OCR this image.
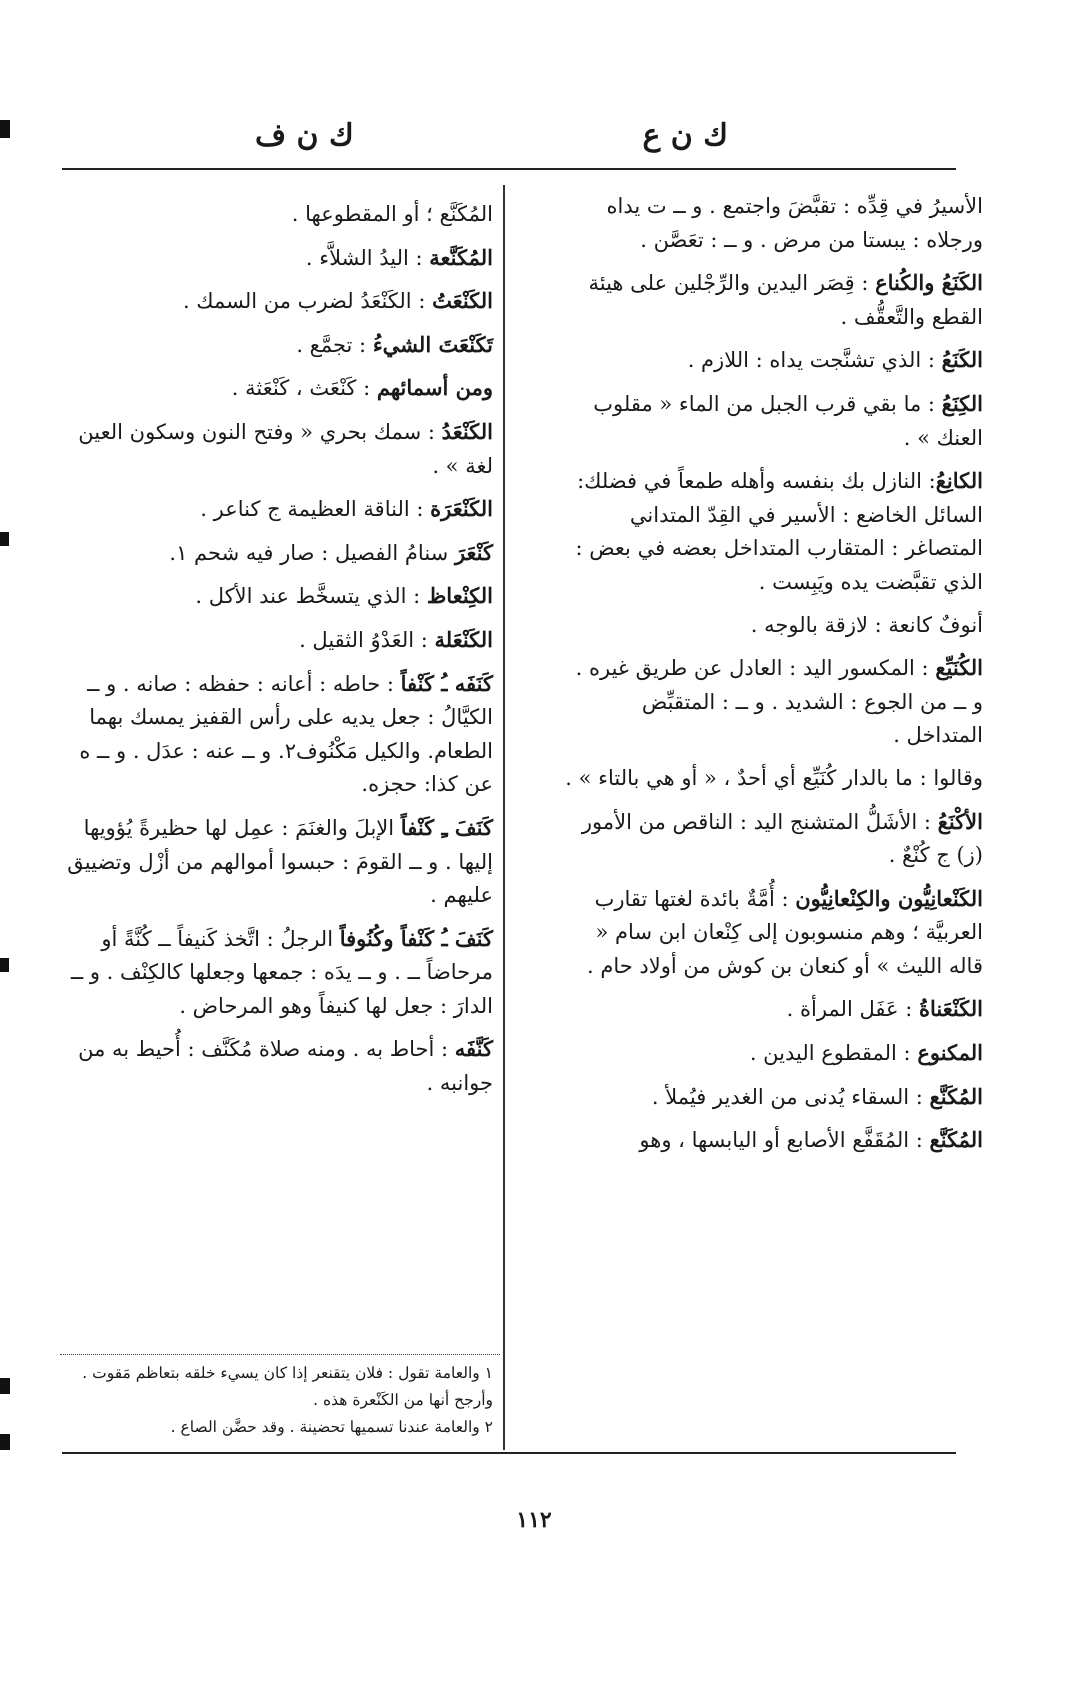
ك ن ع
ك ن ف

الأسيرُ في قِدِّه : تقبَّضَ واجتمع . و ــ ت يداه ورجلاه : يبستا من مرض . و ــ : تعَصَّن .

الكَنَعُ والكُناع : قِصَر اليدين والرِّجْلين على هيئة القطع والتَّعقُّف .

الكَنَعُ : الذي تشنَّجت يداه : اللازم .

الكِنَعُ : ما بقي قرب الجبل من الماء « مقلوب العنك » .

الكانِعُ: النازل بك بنفسه وأهله طمعاً في فضلك: السائل الخاضع : الأسير في القِدّ المتداني المتصاغر : المتقارب المتداخل بعضه في بعض : الذي تقبَّضت يده ويَبِست .

أنوفٌ كانعة : لازقة بالوجه .

الكُنَيِّع : المكسور اليد : العادل عن طريق غيره . و ــ من الجوع : الشديد . و ــ : المتقبِّض المتداخل .

وقالوا : ما بالدار كُنَيِّع أي أحدٌ ، « أو هي بالتاء » .

الأكْنَعُ : الأشَلُّ المتشنج اليد : الناقص من الأمور (ز) ج كُنْعٌ .

الكَنْعانِيُّون والكِنْعانِيُّون : أُمَّةٌ بائدة لغتها تقارب العربيَّة ؛ وهم منسوبون إلى كِنْعان ابن سام « قاله الليث » أو كنعان بن كوش من أولاد حام .

الكَنْعَناةُ : عَفَل المرأة .

المكنوع : المقطوع اليدين .

المُكَنَّع : السقاء يُدنى من الغدير فيُملأ .

المُكَنَّع : المُقَفَّع الأصابع أو اليابسها ، وهو

المُكَنَّع ؛ أو المقطوعها .

المُكَنَّعة : اليدُ الشلاَّء .

الكَنْعَتُ : الكَنْعَدُ لضرب من السمك .

تَكَنْعَتَ الشيءُ : تجمَّع .

ومن أسمائهم : كَنْعَث ، كَنْعَثة .

الكَنْعَدُ : سمك بحري « وفتح النون وسكون العين لغة » .

الكَنْعَرَة : الناقة العظيمة ج كناعر .

كَنْعَرَ سنامُ الفصيل : صار فيه شحم ١.

الكِنْعاظ : الذي يتسخَّط عند الأكل .

الكَنْعَلة : العَدْوُ الثقيل .

كَنَفَه ـُ كَنْفاً : حاطه : أعانه : حفظه : صانه . و ــ الكيَّالُ : جعل يديه على رأس القفيز يمسك بهما الطعام. والكيل مَكْنُوف٢. و ــ عنه : عدَل . و ــ ه عن كذا: حجزه.

كَنَفَ ـِ كَنْفاً الإبلَ والغنَمَ : عمِل لها حظيرةً يُؤويها إليها . و ــ القومَ : حبسوا أموالهم من أزْل وتضييق عليهم .

كَنَفَ ـُ كَنْفاً وكُنُوفاً الرجلُ : اتَّخذ كَنيفاً ــ كُنَّةً أو مرحاضاً ــ . و ــ يدَه : جمعها وجعلها كالكِنْف . و ــ الدارَ : جعل لها كنيفاً وهو المرحاض .

كَنَّفَه : أحاط به . ومنه صلاة مُكَنَّف : أُحيط به من جوانبه .

١ والعامة تقول : فلان يتقنعر إذا كان يسيء خلقه بتعاظم مَقوت . وأرجح أنها من الكَنْعرة هذه .

٢ والعامة عندنا تسميها تحضينة . وقد حضَّن الصاع .

١١٢
